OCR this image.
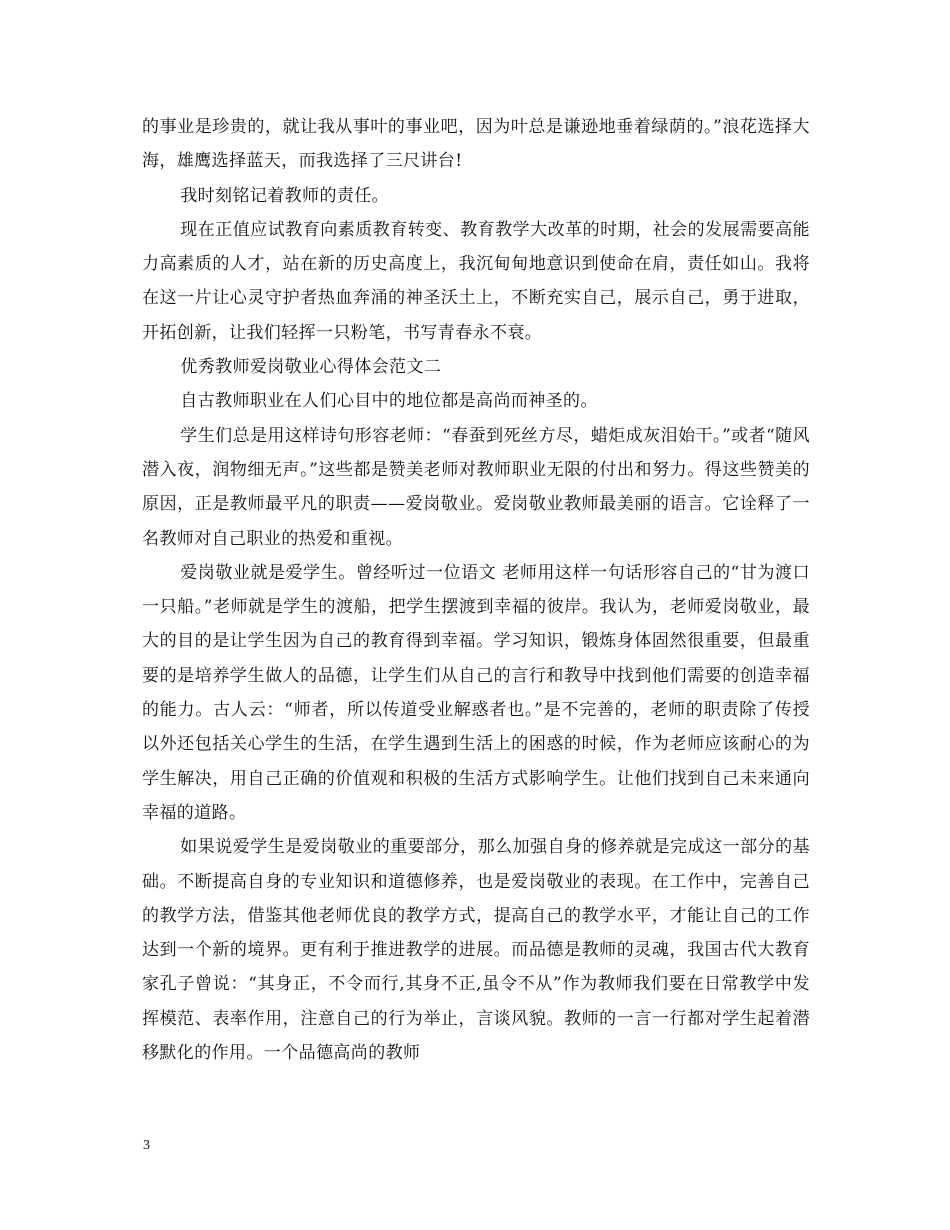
的事业是珍贵的，就让我从事叶的事业吧，因为叶总是谦逊地垂着绿荫的。”浪花选择大海，雄鹰选择蓝天，而我选择了三尺讲台!

我时刻铭记着教师的责任。

现在正值应试教育向素质教育转变、教育教学大改革的时期，社会的发展需要高能力高素质的人才，站在新的历史高度上，我沉甸甸地意识到使命在肩，责任如山。我将在这一片让心灵守护者热血奔涌的神圣沃土上，不断充实自己，展示自己，勇于进取，开拓创新，让我们轻挥一只粉笔，书写青春永不衰。

优秀教师爱岗敬业心得体会范文二

自古教师职业在人们心目中的地位都是高尚而神圣的。

学生们总是用这样诗句形容老师：“春蚕到死丝方尽，蜡炬成灰泪始干。”或者“随风潜入夜，润物细无声。”这些都是赞美老师对教师职业无限的付出和努力。得这些赞美的原因，正是教师最平凡的职责——爱岗敬业。爱岗敬业教师最美丽的语言。它诠释了一名教师对自己职业的热爱和重视。

爱岗敬业就是爱学生。曾经听过一位语文 老师用这样一句话形容自己的“甘为渡口一只船。”老师就是学生的渡船，把学生摆渡到幸福的彼岸。我认为，老师爱岗敬业，最大的目的是让学生因为自己的教育得到幸福。学习知识，锻炼身体固然很重要，但最重要的是培养学生做人的品德，让学生们从自己的言行和教导中找到他们需要的创造幸福的能力。古人云：“师者，所以传道受业解惑者也。”是不完善的，老师的职责除了传授以外还包括关心学生的生活，在学生遇到生活上的困惑的时候，作为老师应该耐心的为学生解决，用自己正确的价值观和积极的生活方式影响学生。让他们找到自己未来通向幸福的道路。

如果说爱学生是爱岗敬业的重要部分，那么加强自身的修养就是完成这一部分的基础。不断提高自身的专业知识和道德修养，也是爱岗敬业的表现。在工作中，完善自己的教学方法，借鉴其他老师优良的教学方式，提高自己的教学水平，才能让自己的工作达到一个新的境界。更有利于推进教学的进展。而品德是教师的灵魂，我国古代大教育家孔子曾说：“其身正，不令而行,其身不正,虽令不从”作为教师我们要在日常教学中发挥模范、表率作用，注意自己的行为举止，言谈风貌。教师的一言一行都对学生起着潜移默化的作用。一个品德高尚的教师

3
